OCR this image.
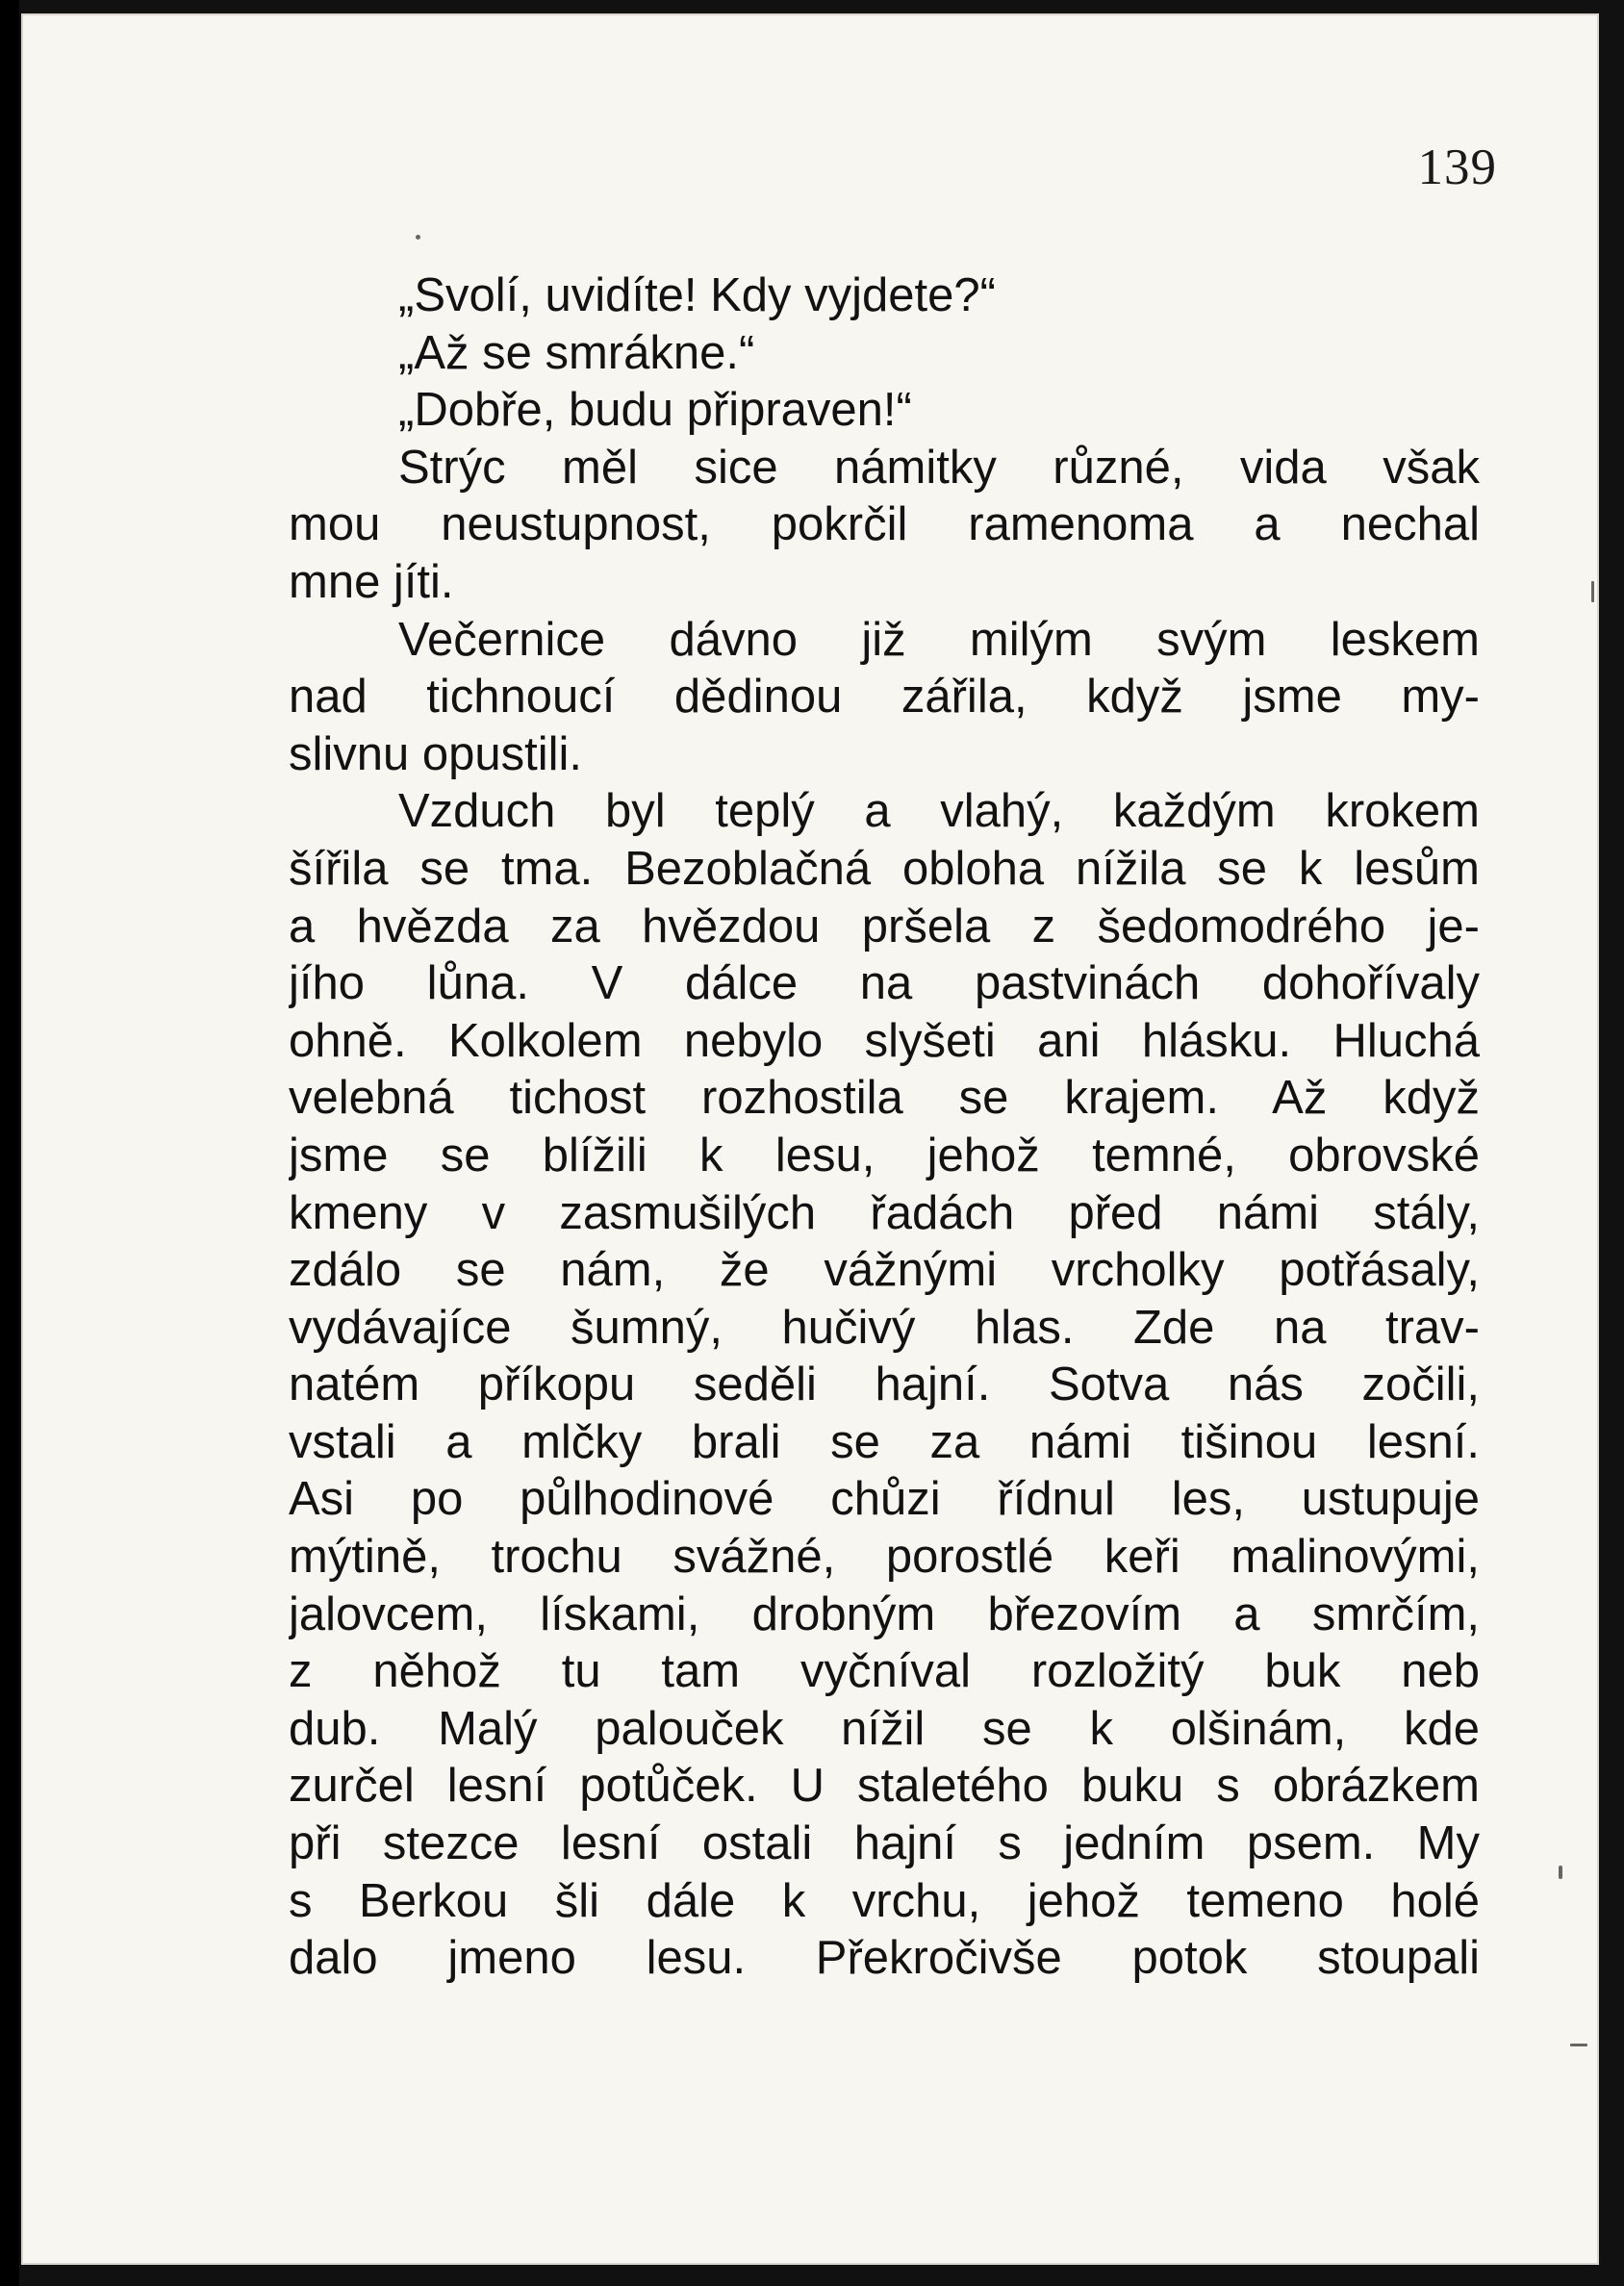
139
„Svolí, uvidíte! Kdy vyjdete?“
„Až se smrákne.“
„Dobře, budu připraven!“
Strýc měl sice námitky různé, vida však
mou neustupnost, pokrčil ramenoma a nechal
mne jíti.
Večernice dávno již milým svým leskem
nad tichnoucí dědinou zářila, když jsme my-
slivnu opustili.
Vzduch byl teplý a vlahý, každým krokem
šířila se tma. Bezoblačná obloha nížila se k lesům
a hvězda za hvězdou pršela z šedomodrého je-
jího lůna. V dálce na pastvinách dohořívaly
ohně. Kolkolem nebylo slyšeti ani hlásku. Hluchá
velebná tichost rozhostila se krajem. Až když
jsme se blížili k lesu, jehož temné, obrovské
kmeny v zasmušilých řadách před námi stály,
zdálo se nám, že vážnými vrcholky potřásaly,
vydávajíce šumný, hučivý hlas. Zde na trav-
natém příkopu seděli hajní. Sotva nás zočili,
vstali a mlčky brali se za námi tišinou lesní.
Asi po půlhodinové chůzi řídnul les, ustupuje
mýtině, trochu svážné, porostlé keři malinovými,
jalovcem, lískami, drobným březovím a smrčím,
z něhož tu tam vyčníval rozložitý buk neb
dub. Malý palouček nížil se k olšinám, kde
zurčel lesní potůček. U staletého buku s obrázkem
při stezce lesní ostali hajní s jedním psem. My
s Berkou šli dále k vrchu, jehož temeno holé
dalo jmeno lesu. Překročivše potok stoupali
